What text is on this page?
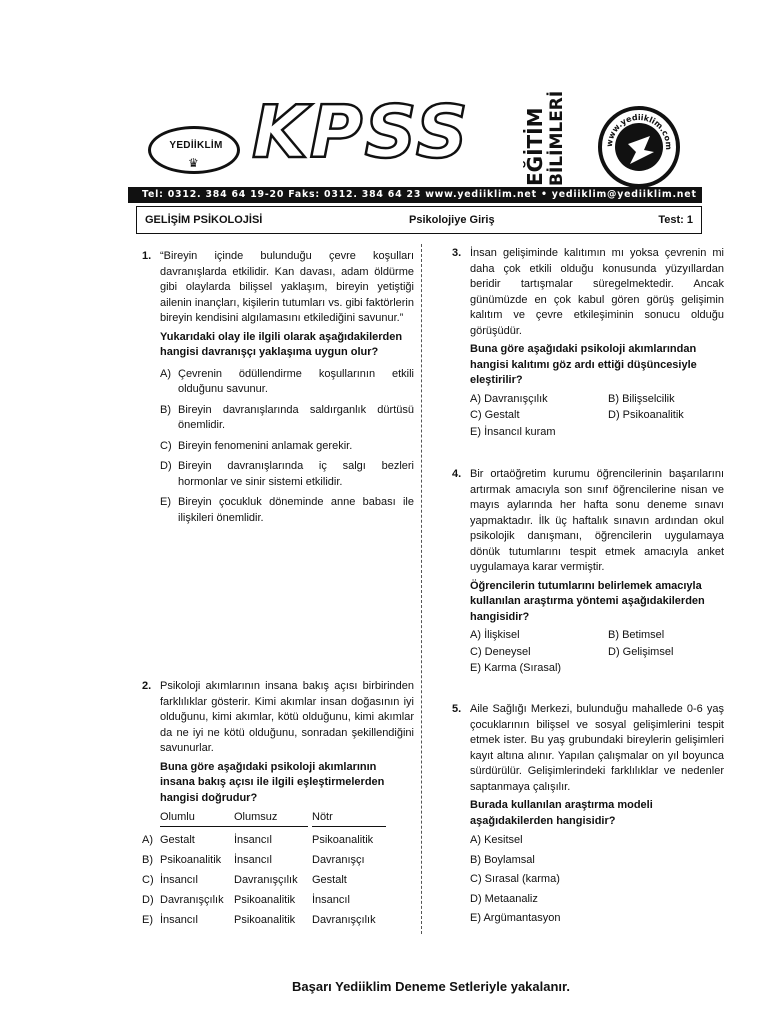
YEDİİKLİM
♛ KPSS	EĞİTİM BİLİMLERİ	www.yediiklim.com
Tel: 0312. 384 64 19-20 Faks: 0312. 384 64 23 www.yediiklim.net • yediiklim@yediiklim.net
GELİŞİM PSİKOLOJİSİ	Psikolojiye Giriş	Test: 1
1. “Bireyin içinde bulunduğu çevre koşulları davranışlarda etkilidir. Kan davası, adam öldürme gibi olaylarda bilişsel yaklaşım, bireyin yetiştiği ailenin inançları, kişilerin tutumları vs. gibi faktörlerin bireyin kendisini algılamasını etkilediğini savunur.”
Yukarıdaki olay ile ilgili olarak aşağıdakilerden hangisi davranışçı yaklaşıma uygun olur?
A) Çevrenin ödüllendirme koşullarının etkili olduğunu savunur.
B) Bireyin davranışlarında saldırganlık dürtüsü önemlidir.
C) Bireyin fenomenini anlamak gerekir.
D) Bireyin davranışlarında iç salgı bezleri hormonlar ve sinir sistemi etkilidir.
E) Bireyin çocukluk döneminde anne babası ile ilişkileri önemlidir.
2. Psikoloji akımlarının insana bakış açısı birbirinden farklılıklar gösterir. Kimi akımlar insan doğasının iyi olduğunu, kimi akımlar, kötü olduğunu, kimi akımlar da ne iyi ne kötü olduğunu, sonradan şekillendiğini savunurlar.
Buna göre aşağıdaki psikoloji akımlarının insana bakış açısı ile ilgili eşleştirmelerden hangisi doğrudur?
	Olumlu	Olumsuz	Nötr
A)	Gestalt	İnsancıl	Psikoanalitik
B)	Psikoanalitik	İnsancıl	Davranışçı
C)	İnsancıl	Davranışçılık	Gestalt
D)	Davranışçılık	Psikoanalitik	İnsancıl
E)	İnsancıl	Psikoanalitik	Davranışçılık
3. İnsan gelişiminde kalıtımın mı yoksa çevrenin mi daha çok etkili olduğu konusunda yüzyıllardan beridir tartışmalar süregelmektedir. Ancak günümüzde en çok kabul gören görüş gelişimin kalıtım ve çevre etkileşiminin sonucu olduğu görüşüdür.
Buna göre aşağıdaki psikoloji akımlarından hangisi kalıtımı göz ardı ettiği düşüncesiyle eleştirilir?
A) Davranışçılık	B) Bilişselcilik
C) Gestalt	D) Psikoanalitik
E) İnsancıl kuram
4. Bir ortaöğretim kurumu öğrencilerinin başarılarını artırmak amacıyla son sınıf öğrencilerine nisan ve mayıs aylarında her hafta sonu deneme sınavı yapmaktadır. İlk üç haftalık sınavın ardından okul psikolojik danışmanı, öğrencilerin uygulamaya dönük tutumlarını tespit etmek amacıyla anket uygulamaya karar vermiştir.
Öğrencilerin tutumlarını belirlemek amacıyla kullanılan araştırma yöntemi aşağıdakilerden hangisidir?
A) İlişkisel	B) Betimsel
C) Deneysel	D) Gelişimsel
E) Karma (Sırasal)
5. Aile Sağlığı Merkezi, bulunduğu mahallede 0-6 yaş çocuklarının bilişsel ve sosyal gelişimlerini tespit etmek ister. Bu yaş grubundaki bireylerin gelişimleri kayıt altına alınır. Yapılan çalışmalar on yıl boyunca sürdürülür. Gelişimlerindeki farklılıklar ve nedenler saptanmaya çalışılır.
Burada kullanılan araştırma modeli aşağıdakilerden hangisidir?
A) Kesitsel
B) Boylamsal
C) Sırasal (karma)
D) Metaanaliz
E) Argümantasyon
Başarı Yediiklim Deneme Setleriyle yakalanır.
